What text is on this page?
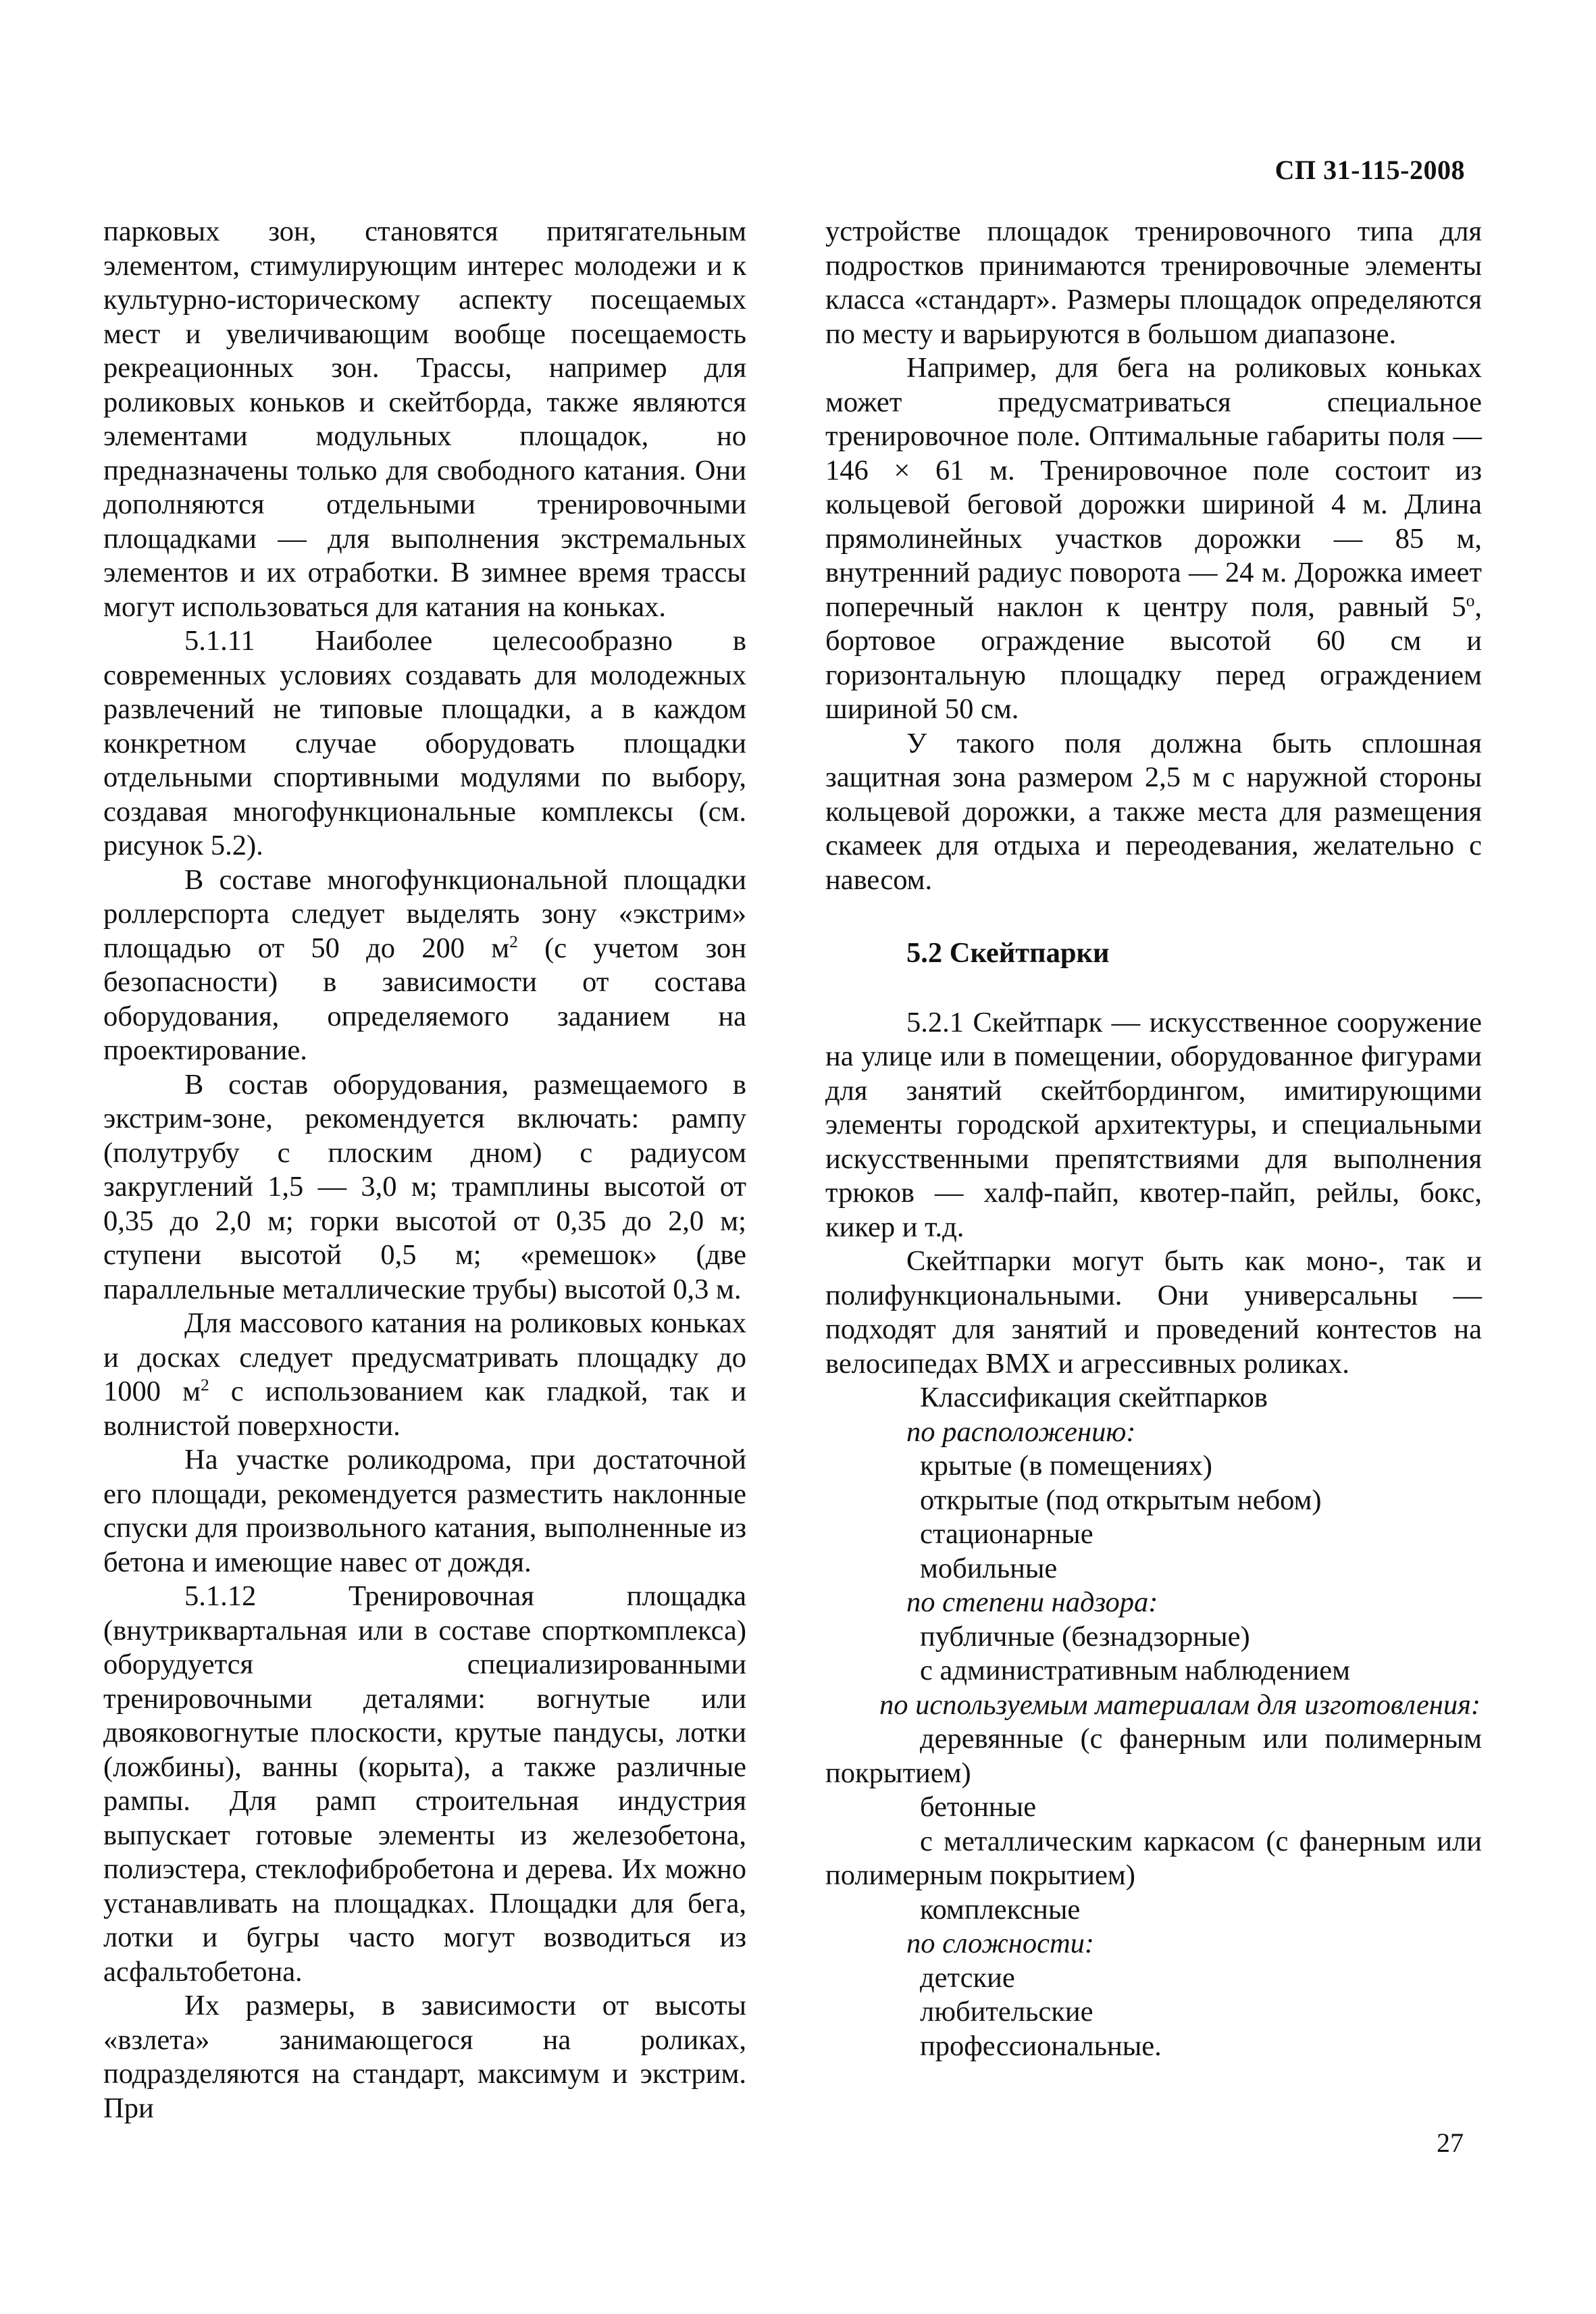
СП 31-115-2008

парковых зон, становятся притягательным элементом, стимулирующим интерес молодежи и к культурно-историческому аспекту посещаемых мест и увеличивающим вообще посещаемость рекреационных зон. Трассы, например для роликовых коньков и скейтборда, также являются элементами модульных площадок, но предназначены только для свободного катания. Они дополняются отдельными тренировочными площадками — для выполнения экстремальных элементов и их отработки. В зимнее время трассы могут использоваться для катания на коньках.

5.1.11 Наиболее целесообразно в современных условиях создавать для молодежных развлечений не типовые площадки, а в каждом конкретном случае оборудовать площадки отдельными спортивными модулями по выбору, создавая многофункциональные комплексы (см. рисунок 5.2).

В составе многофункциональной площадки роллерспорта следует выделять зону «экстрим» площадью от 50 до 200 $м^2$ (с учетом зон безопасности) в зависимости от состава оборудования, определяемого заданием на проектирование.

В состав оборудования, размещаемого в экстрим-зоне, рекомендуется включать: рампу (полутрубу с плоским дном) с радиусом закруглений 1,5 — 3,0 м; трамплины высотой от 0,35 до 2,0 м; горки высотой от 0,35 до 2,0 м; ступени высотой 0,5 м; «ремешок» (две параллельные металлические трубы) высотой 0,3 м.

Для массового катания на роликовых коньках и досках следует предусматривать площадку до 1000 $м^2$ с использованием как гладкой, так и волнистой поверхности.

На участке роликодрома, при достаточной его площади, рекомендуется разместить наклонные спуски для произвольного катания, выполненные из бетона и имеющие навес от дождя.

5.1.12 Тренировочная площадка (внутриквартальная или в составе спорткомплекса) оборудуется специализированными тренировочными деталями: вогнутые или двояковогнутые плоскости, крутые пандусы, лотки (ложбины), ванны (корыта), а также различные рампы. Для рамп строительная индустрия выпускает готовые элементы из железобетона, полиэстера, стеклофибробетона и дерева. Их можно устанавливать на площадках. Площадки для бега, лотки и бугры часто могут возводиться из асфальтобетона.

Их размеры, в зависимости от высоты «взлета» занимающегося на роликах, подразделяются на стандарт, максимум и экстрим. При

устройстве площадок тренировочного типа для подростков принимаются тренировочные элементы класса «стандарт». Размеры площадок определяются по месту и варьируются в большом диапазоне.

Например, для бега на роликовых коньках может предусматриваться специальное тренировочное поле. Оптимальные габариты поля — 146 × 61 м. Тренировочное поле состоит из кольцевой беговой дорожки шириной 4 м. Длина прямолинейных участков дорожки — 85 м, внутренний радиус поворота — 24 м. Дорожка имеет поперечный наклон к центру поля, равный 5$^o$, бортовое ограждение высотой 60 см и горизонтальную площадку перед ограждением шириной 50 см.

У такого поля должна быть сплошная защитная зона размером 2,5 м с наружной стороны кольцевой дорожки, а также места для размещения скамеек для отдыха и переодевания, желательно с навесом.

5.2 Скейтпарки

5.2.1 Скейтпарк — искусственное сооружение на улице или в помещении, оборудованное фигурами для занятий скейтбордингом, имитирующими элементы городской архитектуры, и специальными искусственными препятствиями для выполнения трюков — халф-пайп, квотер-пайп, рейлы, бокс, кикер и т.д.

Скейтпарки могут быть как моно-, так и полифункциональными. Они универсальны — подходят для занятий и проведений контестов на велосипедах ВМХ и агрессивных роликах.

Классификация скейтпарков

по расположению:

крытые (в помещениях)

открытые (под открытым небом)

стационарные

мобильные

по степени надзора:

публичные (безнадзорные)

с административным наблюдением

по используемым материалам для изготовления:

деревянные (с фанерным или полимерным покрытием)

бетонные

с металлическим каркасом (с фанерным или полимерным покрытием)

комплексные

по сложности:

детские

любительские

профессиональные.

27
